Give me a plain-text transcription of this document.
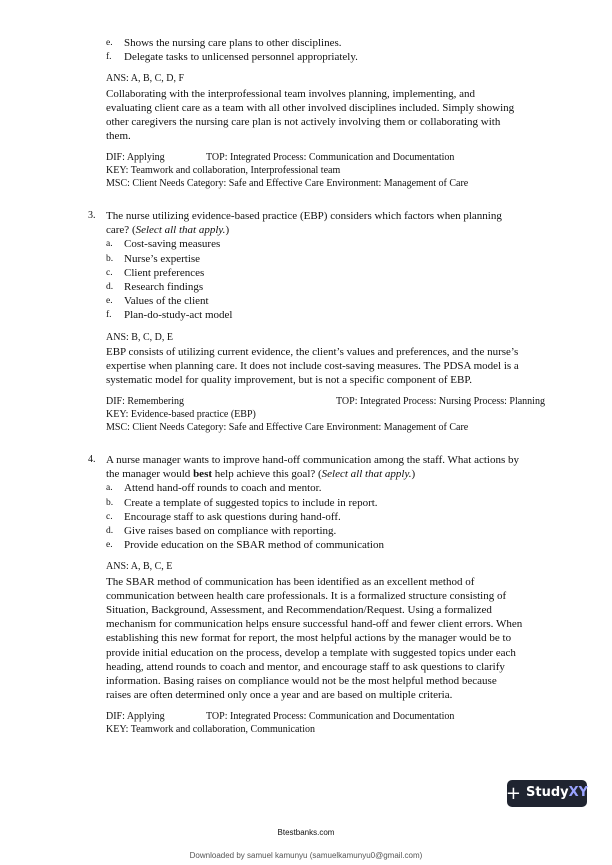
e. Shows the nursing care plans to other disciplines.
f. Delegate tasks to unlicensed personnel appropriately.
ANS: A, B, C, D, F
Collaborating with the interprofessional team involves planning, implementing, and
evaluating client care as a team with all other involved disciplines included. Simply showing
other caregivers the nursing care plan is not actively involving them or collaborating with
them.
DIF: Applying	TOP: Integrated Process: Communication and Documentation
KEY: Teamwork and collaboration, Interprofessional team
MSC: Client Needs Category: Safe and Effective Care Environment: Management of Care
3. The nurse utilizing evidence-based practice (EBP) considers which factors when planning
care? (Select all that apply.)
a. Cost-saving measures
b. Nurse’s expertise
c. Client preferences
d. Research findings
e. Values of the client
f. Plan-do-study-act model
ANS: B, C, D, E
EBP consists of utilizing current evidence, the client’s values and preferences, and the nurse’s
expertise when planning care. It does not include cost-saving measures. The PDSA model is a
systematic model for quality improvement, but is not a specific component of EBP.
DIF: Remembering	TOP: Integrated Process: Nursing Process: Planning
KEY: Evidence-based practice (EBP)
MSC: Client Needs Category: Safe and Effective Care Environment: Management of Care
4. A nurse manager wants to improve hand-off communication among the staff. What actions by
the manager would best help achieve this goal? (Select all that apply.)
a. Attend hand-off rounds to coach and mentor.
b. Create a template of suggested topics to include in report.
c. Encourage staff to ask questions during hand-off.
d. Give raises based on compliance with reporting.
e. Provide education on the SBAR method of communication
ANS: A, B, C, E
The SBAR method of communication has been identified as an excellent method of
communication between health care professionals. It is a formalized structure consisting of
Situation, Background, Assessment, and Recommendation/Request. Using a formalized
mechanism for communication helps ensure successful hand-off and fewer client errors. When
establishing this new format for report, the most helpful actions by the manager would be to
provide initial education on the process, develop a template with suggested topics under each
heading, attend rounds to coach and mentor, and encourage staff to ask questions to clarify
information. Basing raises on compliance would not be the most helpful method because
raises are often determined only once a year and are based on multiple criteria.
DIF: Applying	TOP: Integrated Process: Communication and Documentation
KEY: Teamwork and collaboration, Communication
+ StudyXY
Btestbanks.com
Downloaded by samuel kamunyu (samuelkamunyu0@gmail.com)
